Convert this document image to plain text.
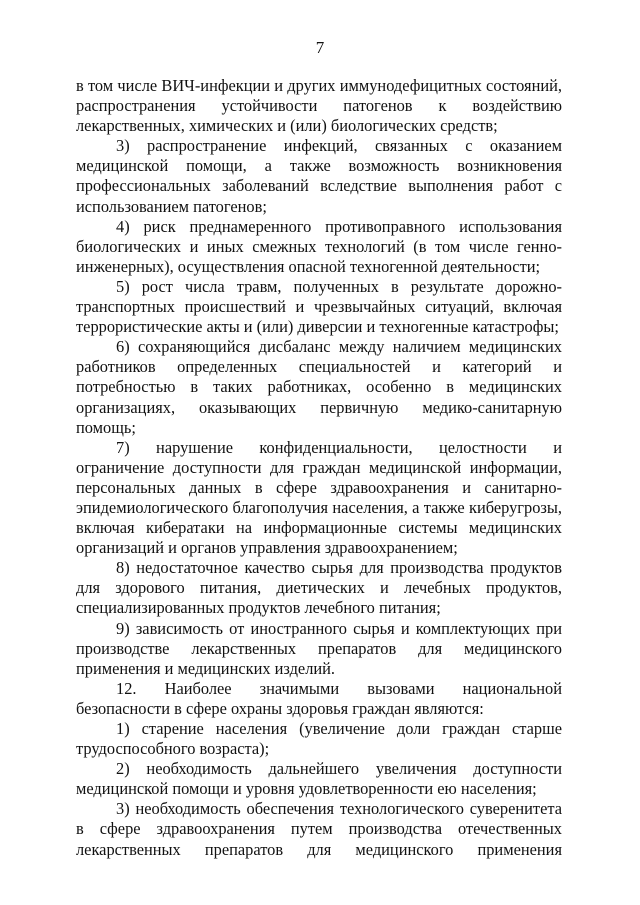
7

в том числе ВИЧ-инфекции и других иммунодефицитных состояний, распространения устойчивости патогенов к воздействию лекарственных, химических и (или) биологических средств;

3) распространение инфекций, связанных с оказанием медицинской помощи, а также возможность возникновения профессиональных заболеваний вследствие выполнения работ с использованием патогенов;

4) риск преднамеренного противоправного использования биологических и иных смежных технологий (в том числе генно-инженерных), осуществления опасной техногенной деятельности;

5) рост числа травм, полученных в результате дорожно-транспортных происшествий и чрезвычайных ситуаций, включая террористические акты и (или) диверсии и техногенные катастрофы;

6) сохраняющийся дисбаланс между наличием медицинских работников определенных специальностей и категорий и потребностью в таких работниках, особенно в медицинских организациях, оказывающих первичную медико-санитарную помощь;

7) нарушение конфиденциальности, целостности и ограничение доступности для граждан медицинской информации, персональных данных в сфере здравоохранения и санитарно-эпидемиологического благополучия населения, а также киберугрозы, включая кибератаки на информационные системы медицинских организаций и органов управления здравоохранением;

8) недостаточное качество сырья для производства продуктов для здорового питания, диетических и лечебных продуктов, специализированных продуктов лечебного питания;

9) зависимость от иностранного сырья и комплектующих при производстве лекарственных препаратов для медицинского применения и медицинских изделий.

12. Наиболее значимыми вызовами национальной безопасности в сфере охраны здоровья граждан являются:

1) старение населения (увеличение доли граждан старше трудоспособного возраста);

2) необходимость дальнейшего увеличения доступности медицинской помощи и уровня удовлетворенности ею населения;

3) необходимость обеспечения технологического суверенитета в сфере здравоохранения путем производства отечественных лекарственных препаратов для медицинского применения
